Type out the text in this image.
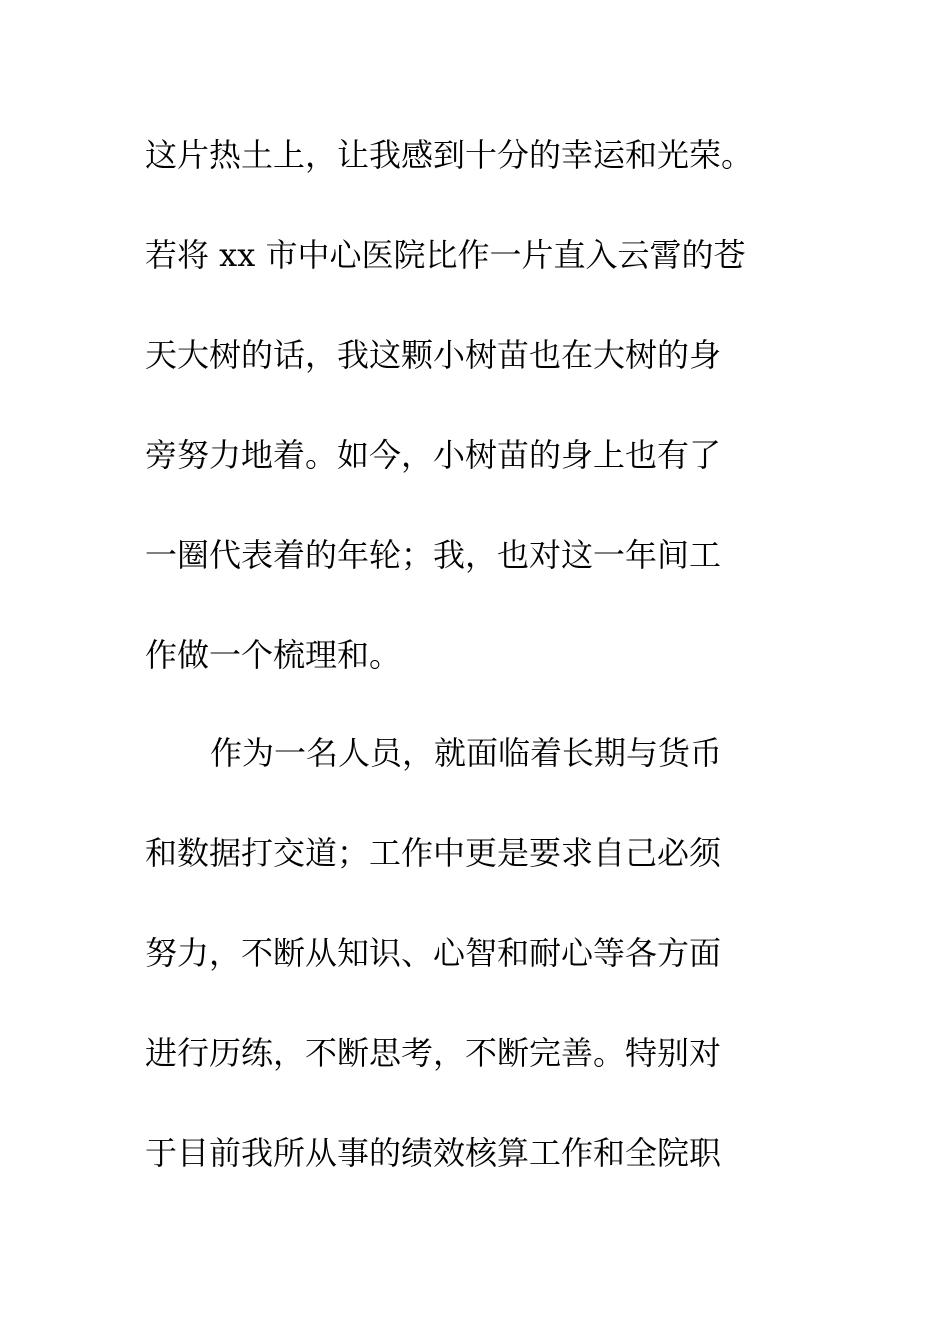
这片热土上，让我感到十分的幸运和光荣。
若将 xx 市中心医院比作一片直入云霄的苍
天大树的话，我这颗小树苗也在大树的身
旁努力地着。如今，小树苗的身上也有了
一圈代表着的年轮；我，也对这一年间工
作做一个梳理和。
作为一名人员，就面临着长期与货币
和数据打交道；工作中更是要求自己必须
努力，不断从知识、心智和耐心等各方面
进行历练，不断思考，不断完善。特别对
于目前我所从事的绩效核算工作和全院职
